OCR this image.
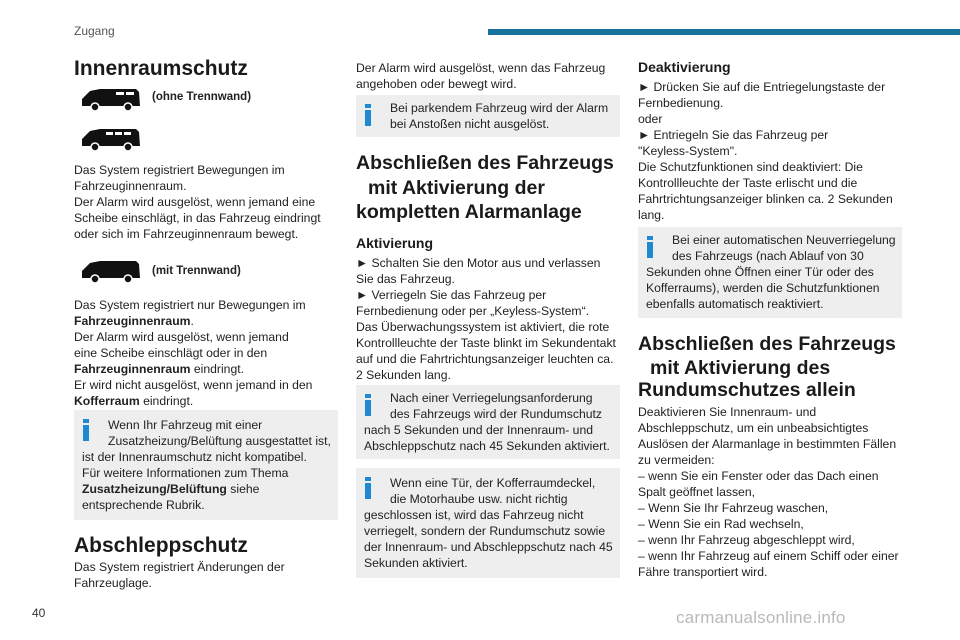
Zugang
40	carmanualsonline.info
Innenraumschutz
(ohne Trennwand)

Das System registriert Bewegungen im

Fahrzeuginnenraum.

Der Alarm wird ausgelöst, wenn jemand eine

Scheibe einschlägt, in das Fahrzeug eindringt

oder sich im Fahrzeuginnenraum bewegt.

(mit Trennwand)

Das System registriert nur Bewegungen im

Fahrzeuginnenraum.

Der Alarm wird ausgelöst, wenn jemand

eine Scheibe einschlägt oder in den

Fahrzeuginnenraum eindringt.

Er wird nicht ausgelöst, wenn jemand in den

Kofferraum eindringt.

Wenn Ihr Fahrzeug mit einer

Zusatzheizung/Belüftung ausgestattet ist,

ist der Innenraumschutz nicht kompatibel.

Für weitere Informationen zum Thema

Zusatzheizung/Belüftung siehe

entsprechende Rubrik.

Abschleppschutz

Das System registriert Änderungen der

Fahrzeuglage.

Der Alarm wird ausgelöst, wenn das Fahrzeug

angehoben oder bewegt wird.

Bei parkendem Fahrzeug wird der Alarm

bei Anstoßen nicht ausgelöst.

Abschließen des Fahrzeugs
mit Aktivierung der
kompletten Alarmanlage
Aktivierung

► Schalten Sie den Motor aus und verlassen

Sie das Fahrzeug.

► Verriegeln Sie das Fahrzeug per

Fernbedienung oder per „Keyless-System“.

Das Überwachungssystem ist aktiviert, die rote

Kontrollleuchte der Taste blinkt im Sekundentakt

auf und die Fahrtrichtungsanzeiger leuchten ca.

2 Sekunden lang.

Nach einer Verriegelungsanforderung

des Fahrzeugs wird der Rundumschutz

nach 5 Sekunden und der Innenraum- und

Abschleppschutz nach 45 Sekunden aktiviert.

Wenn eine Tür, der Kofferraumdeckel,

die Motorhaube usw. nicht richtig

geschlossen ist, wird das Fahrzeug nicht

verriegelt, sondern der Rundumschutz sowie

der Innenraum- und Abschleppschutz nach 45

Sekunden aktiviert.

Deaktivierung

► Drücken Sie auf die Entriegelungstaste der

Fernbedienung.

oder

► Entriegeln Sie das Fahrzeug per

"Keyless-System".

Die Schutzfunktionen sind deaktiviert: Die

Kontrollleuchte der Taste erlischt und die

Fahrtrichtungsanzeiger blinken ca. 2 Sekunden

lang.

Bei einer automatischen Neuverriegelung

des Fahrzeugs (nach Ablauf von 30

Sekunden ohne Öffnen einer Tür oder des

Kofferraums), werden die Schutzfunktionen

ebenfalls automatisch reaktiviert.

Abschließen des Fahrzeugs
mit Aktivierung des
Rundumschutzes allein

Deaktivieren Sie Innenraum- und

Abschleppschutz, um ein unbeabsichtigtes

Auslösen der Alarmanlage in bestimmten Fällen

zu vermeiden:

– wenn Sie ein Fenster oder das Dach einen

Spalt geöffnet lassen,

– Wenn Sie Ihr Fahrzeug waschen,

– Wenn Sie ein Rad wechseln,

– wenn Ihr Fahrzeug abgeschleppt wird,

– wenn Ihr Fahrzeug auf einem Schiff oder einer

Fähre transportiert wird.
